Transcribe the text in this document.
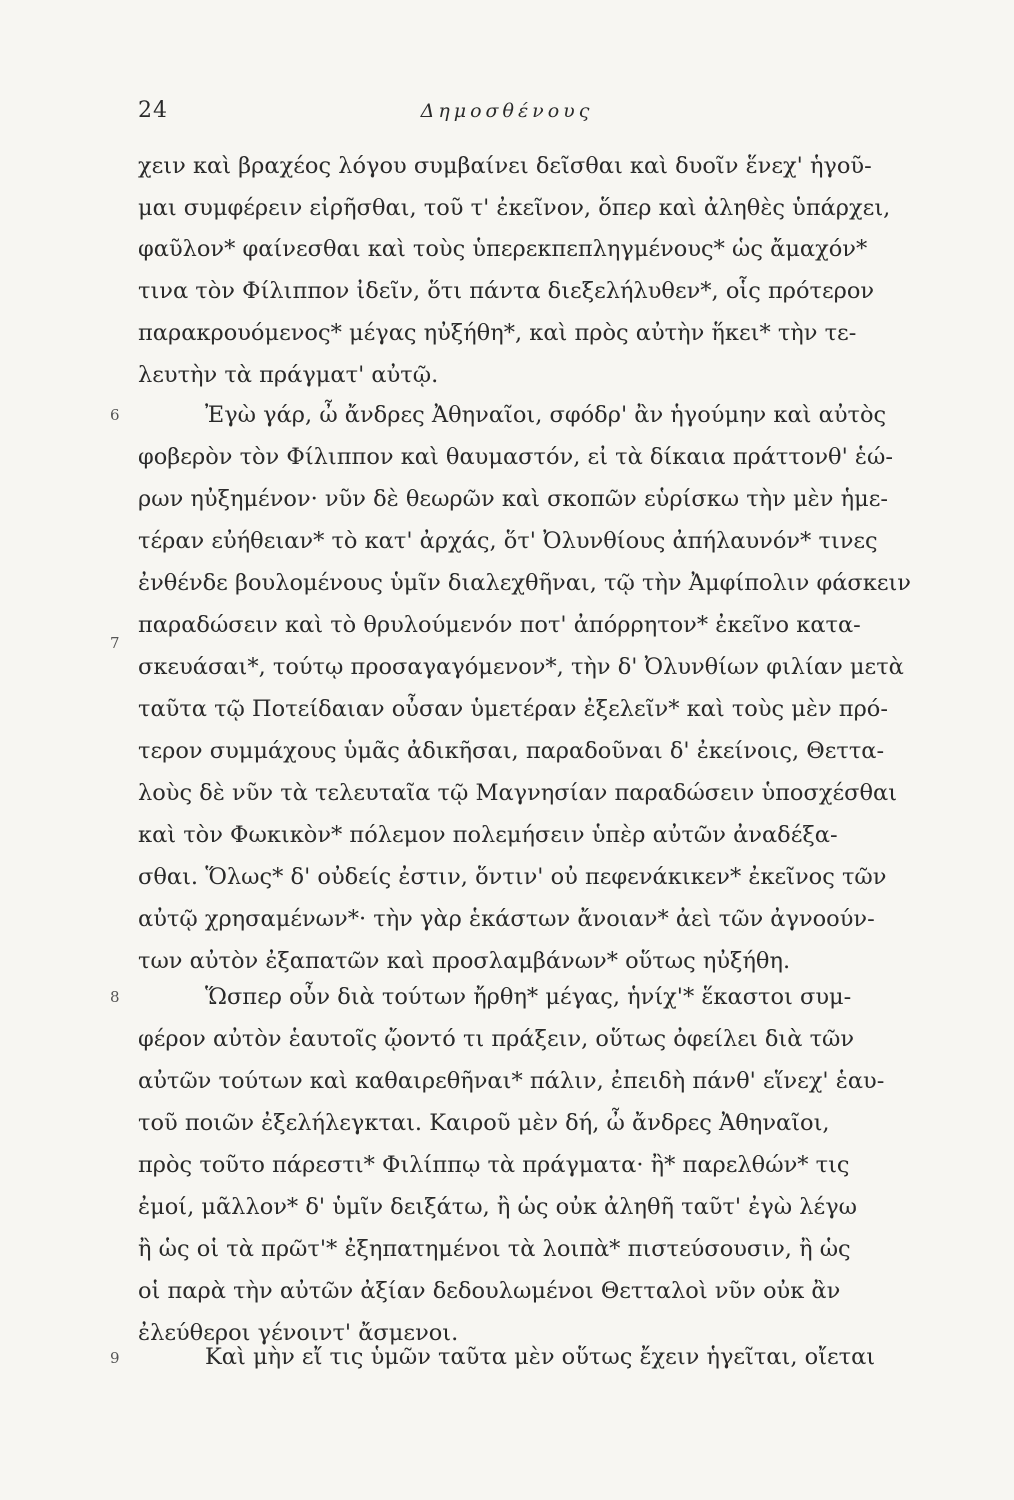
24	Δημοσθένους
6
7
8
9
χειν καὶ βραχέος λόγου συμβαίνει δεῖσθαι καὶ δυοῖν ἕνεχ' ἡγοῦ-
μαι συμφέρειν εἰρῆσθαι, τοῦ τ' ἐκεῖνον, ὅπερ καὶ ἀληθὲς ὑπάρχει,
φαῦλον* φαίνεσθαι καὶ τοὺς ὑπερεκπεπληγμένους* ὡς ἄμαχόν*
τινα τὸν Φίλιππον ἰδεῖν, ὅτι πάντα διεξελήλυθεν*, οἷς πρότερον
παρακρουόμενος* μέγας ηὐξήθη*, καὶ πρὸς αὐτὴν ἥκει* τὴν τε-
λευτὴν τὰ πράγματ' αὐτῷ.
Ἐγὼ γάρ, ὦ ἄνδρες Ἀθηναῖοι, σφόδρ' ἂν ἡγούμην καὶ αὐτὸς
φοβερὸν τὸν Φίλιππον καὶ θαυμαστόν, εἰ τὰ δίκαια πράττονθ' ἑώ-
ρων ηὐξημένον· νῦν δὲ θεωρῶν καὶ σκοπῶν εὑρίσκω τὴν μὲν ἡμε-
τέραν εὐήθειαν* τὸ κατ' ἀρχάς, ὅτ' Ὀλυνθίους ἀπήλαυνόν* τινες
ἐνθένδε βουλομένους ὑμῖν διαλεχθῆναι, τῷ τὴν Ἀμφίπολιν φάσκειν
παραδώσειν καὶ τὸ θρυλούμενόν ποτ' ἀπόρρητον* ἐκεῖνο κατα-
σκευάσαι*, τούτῳ προσαγαγόμενον*, τὴν δ' Ὀλυνθίων φιλίαν μετὰ
ταῦτα τῷ Ποτείδαιαν οὖσαν ὑμετέραν ἐξελεῖν* καὶ τοὺς μὲν πρό-
τερον συμμάχους ὑμᾶς ἀδικῆσαι, παραδοῦναι δ' ἐκείνοις, Θεττα-
λοὺς δὲ νῦν τὰ τελευταῖα τῷ Μαγνησίαν παραδώσειν ὑποσχέσθαι
καὶ τὸν Φωκικὸν* πόλεμον πολεμήσειν ὑπὲρ αὐτῶν ἀναδέξα-
σθαι. Ὅλως* δ' οὐδείς ἐστιν, ὅντιν' οὐ πεφενάκικεν* ἐκεῖνος τῶν
αὐτῷ χρησαμένων*· τὴν γὰρ ἑκάστων ἄνοιαν* ἀεὶ τῶν ἀγνοούν-
των αὐτὸν ἐξαπατῶν καὶ προσλαμβάνων* οὕτως ηὐξήθη.
Ὥσπερ οὖν διὰ τούτων ἤρθη* μέγας, ἡνίχ'* ἕκαστοι συμ-
φέρον αὐτὸν ἑαυτοῖς ᾤοντό τι πράξειν, οὕτως ὀφείλει διὰ τῶν
αὐτῶν τούτων καὶ καθαιρεθῆναι* πάλιν, ἐπειδὴ πάνθ' εἵνεχ' ἑαυ-
τοῦ ποιῶν ἐξελήλεγκται. Καιροῦ μὲν δή, ὦ ἄνδρες Ἀθηναῖοι,
πρὸς τοῦτο πάρεστι* Φιλίππῳ τὰ πράγματα· ἢ* παρελθών* τις
ἐμοί, μᾶλλον* δ' ὑμῖν δειξάτω, ἢ ὡς οὐκ ἀληθῆ ταῦτ' ἐγὼ λέγω
ἢ ὡς οἱ τὰ πρῶτ'* ἐξηπατημένοι τὰ λοιπὰ* πιστεύσουσιν, ἢ ὡς
οἱ παρὰ τὴν αὐτῶν ἀξίαν δεδουλωμένοι Θετταλοὶ νῦν οὐκ ἂν
ἐλεύθεροι γένοιντ' ἄσμενοι.
Καὶ μὴν εἴ τις ὑμῶν ταῦτα μὲν οὕτως ἔχειν ἡγεῖται, οἴεται
